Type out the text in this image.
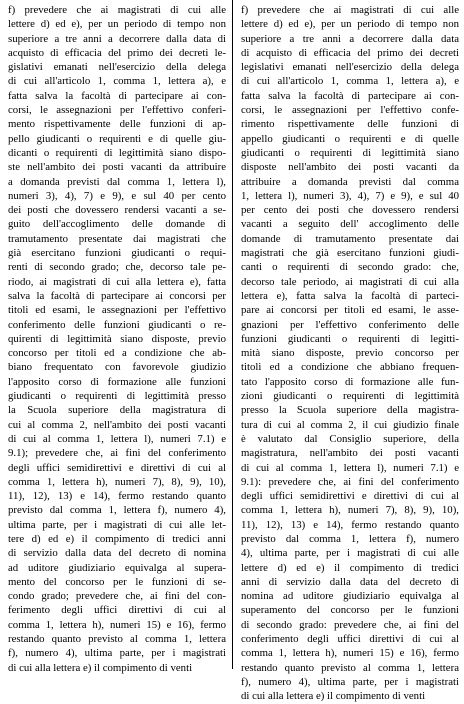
f) prevedere che ai magistrati di cui alle
lettere d) ed e), per un periodo di tempo non
superiore a tre anni a decorrere dalla data di
acquisto di efficacia del primo dei decreti le-
gislativi emanati nell'esercizio della delega
di cui all'articolo 1, comma 1, lettera a), e
fatta salva la facoltà di partecipare ai con-
corsi, le assegnazioni per l'effettivo conferi-
mento rispettivamente delle funzioni di ap-
pello giudicanti o requirenti e di quelle giu-
dicanti o requirenti di legittimità siano dispo-
ste nell'ambito dei posti vacanti da attribuire
a domanda previsti dal comma 1, lettera l),
numeri 3), 4), 7) e 9), e sul 40 per cento
dei posti che dovessero rendersi vacanti a se-
guito dell'accoglimento delle domande di
tramutamento presentate dai magistrati che
già esercitano funzioni giudicanti o requi-
renti di secondo grado; che, decorso tale pe-
riodo, ai magistrati di cui alla lettera e), fatta
salva la facoltà di partecipare ai concorsi per
titoli ed esami, le assegnazioni per l'effettivo
conferimento delle funzioni giudicanti o re-
quirenti di legittimità siano disposte, previo
concorso per titoli ed a condizione che ab-
biano frequentato con favorevole giudizio
l'apposito corso di formazione alle funzioni
giudicanti o requirenti di legittimità presso
la Scuola superiore della magistratura di
cui al comma 2, nell'ambito dei posti vacanti
di cui al comma 1, lettera l), numeri 7.1) e
9.1); prevedere che, ai fini del conferimento
degli uffici semidirettivi e direttivi di cui al
comma 1, lettera h), numeri 7), 8), 9), 10),
11), 12), 13) e 14), fermo restando quanto
previsto dal comma 1, lettera f), numero 4),
ultima parte, per i magistrati di cui alle let-
tere d) ed e) il compimento di tredici anni
di servizio dalla data del decreto di nomina
ad uditore giudiziario equivalga al supera-
mento del concorso per le funzioni di se-
condo grado; prevedere che, ai fini del con-
ferimento degli uffici direttivi di cui al
comma 1, lettera h), numeri 15) e 16), fermo
restando quanto previsto al comma 1, lettera
f), numero 4), ultima parte, per i magistrati
di cui alla lettera e) il compimento di venti
f) prevedere che ai magistrati di cui alle
lettere d) ed e), per un periodo di tempo non
superiore a tre anni a decorrere dalla data
di acquisto di efficacia del primo dei decreti
legislativi emanati nell'esercizio della delega
di cui all'articolo 1, comma 1, lettera a), e
fatta salva la facoltà di partecipare ai con-
corsi, le assegnazioni per l'effettivo confe-
rimento rispettivamente delle funzioni di
appello giudicanti o requirenti e di quelle
giudicanti o requirenti di legittimità siano
disposte nell'ambito dei posti vacanti da
attribuire a domanda previsti dal comma
1, lettera l), numeri 3), 4), 7) e 9), e sul 40
per cento dei posti che dovessero rendersi
vacanti a seguito dell' accoglimento delle
domande di tramutamento presentate dai
magistrati che già esercitano funzioni giudi-
canti o requirenti di secondo grado: che,
decorso tale periodo, ai magistrati di cui alla
lettera e), fatta salva la facoltà di parteci-
pare ai concorsi per titoli ed esami, le asse-
gnazioni per l'effettivo conferimento delle
funzioni giudicanti o requirenti di legitti-
mità siano disposte, previo concorso per
titoli ed a condizione che abbiano frequen-
tato l'apposito corso di formazione alle fun-
zioni giudicanti o requirenti di legittimità
presso la Scuola superiore della magistra-
tura di cui al comma 2, il cui giudizio finale
è valutato dal Consiglio superiore, della
magistratura, nell'ambito dei posti vacanti
di cui al comma 1, lettera l), numeri 7.1) e
9.1): prevedere che, ai fini del conferimento
degli uffici semidirettivi e direttivi di cui al
comma 1, lettera h), numeri 7), 8), 9), 10),
11), 12), 13) e 14), fermo restando quanto
previsto dal comma 1, lettera f), numero
4), ultima parte, per i magistrati di cui alle
lettere d) ed e) il compimento di tredici
anni di servizio dalla data del decreto di
nomina ad uditore giudiziario equivalga al
superamento del concorso per le funzioni
di secondo grado: prevedere che, ai fini del
conferimento degli uffici direttivi di cui al
comma 1, lettera h), numeri 15) e 16), fermo
restando quanto previsto al comma 1, lettera
f), numero 4), ultima parte, per i magistrati
di cui alla lettera e) il compimento di venti
